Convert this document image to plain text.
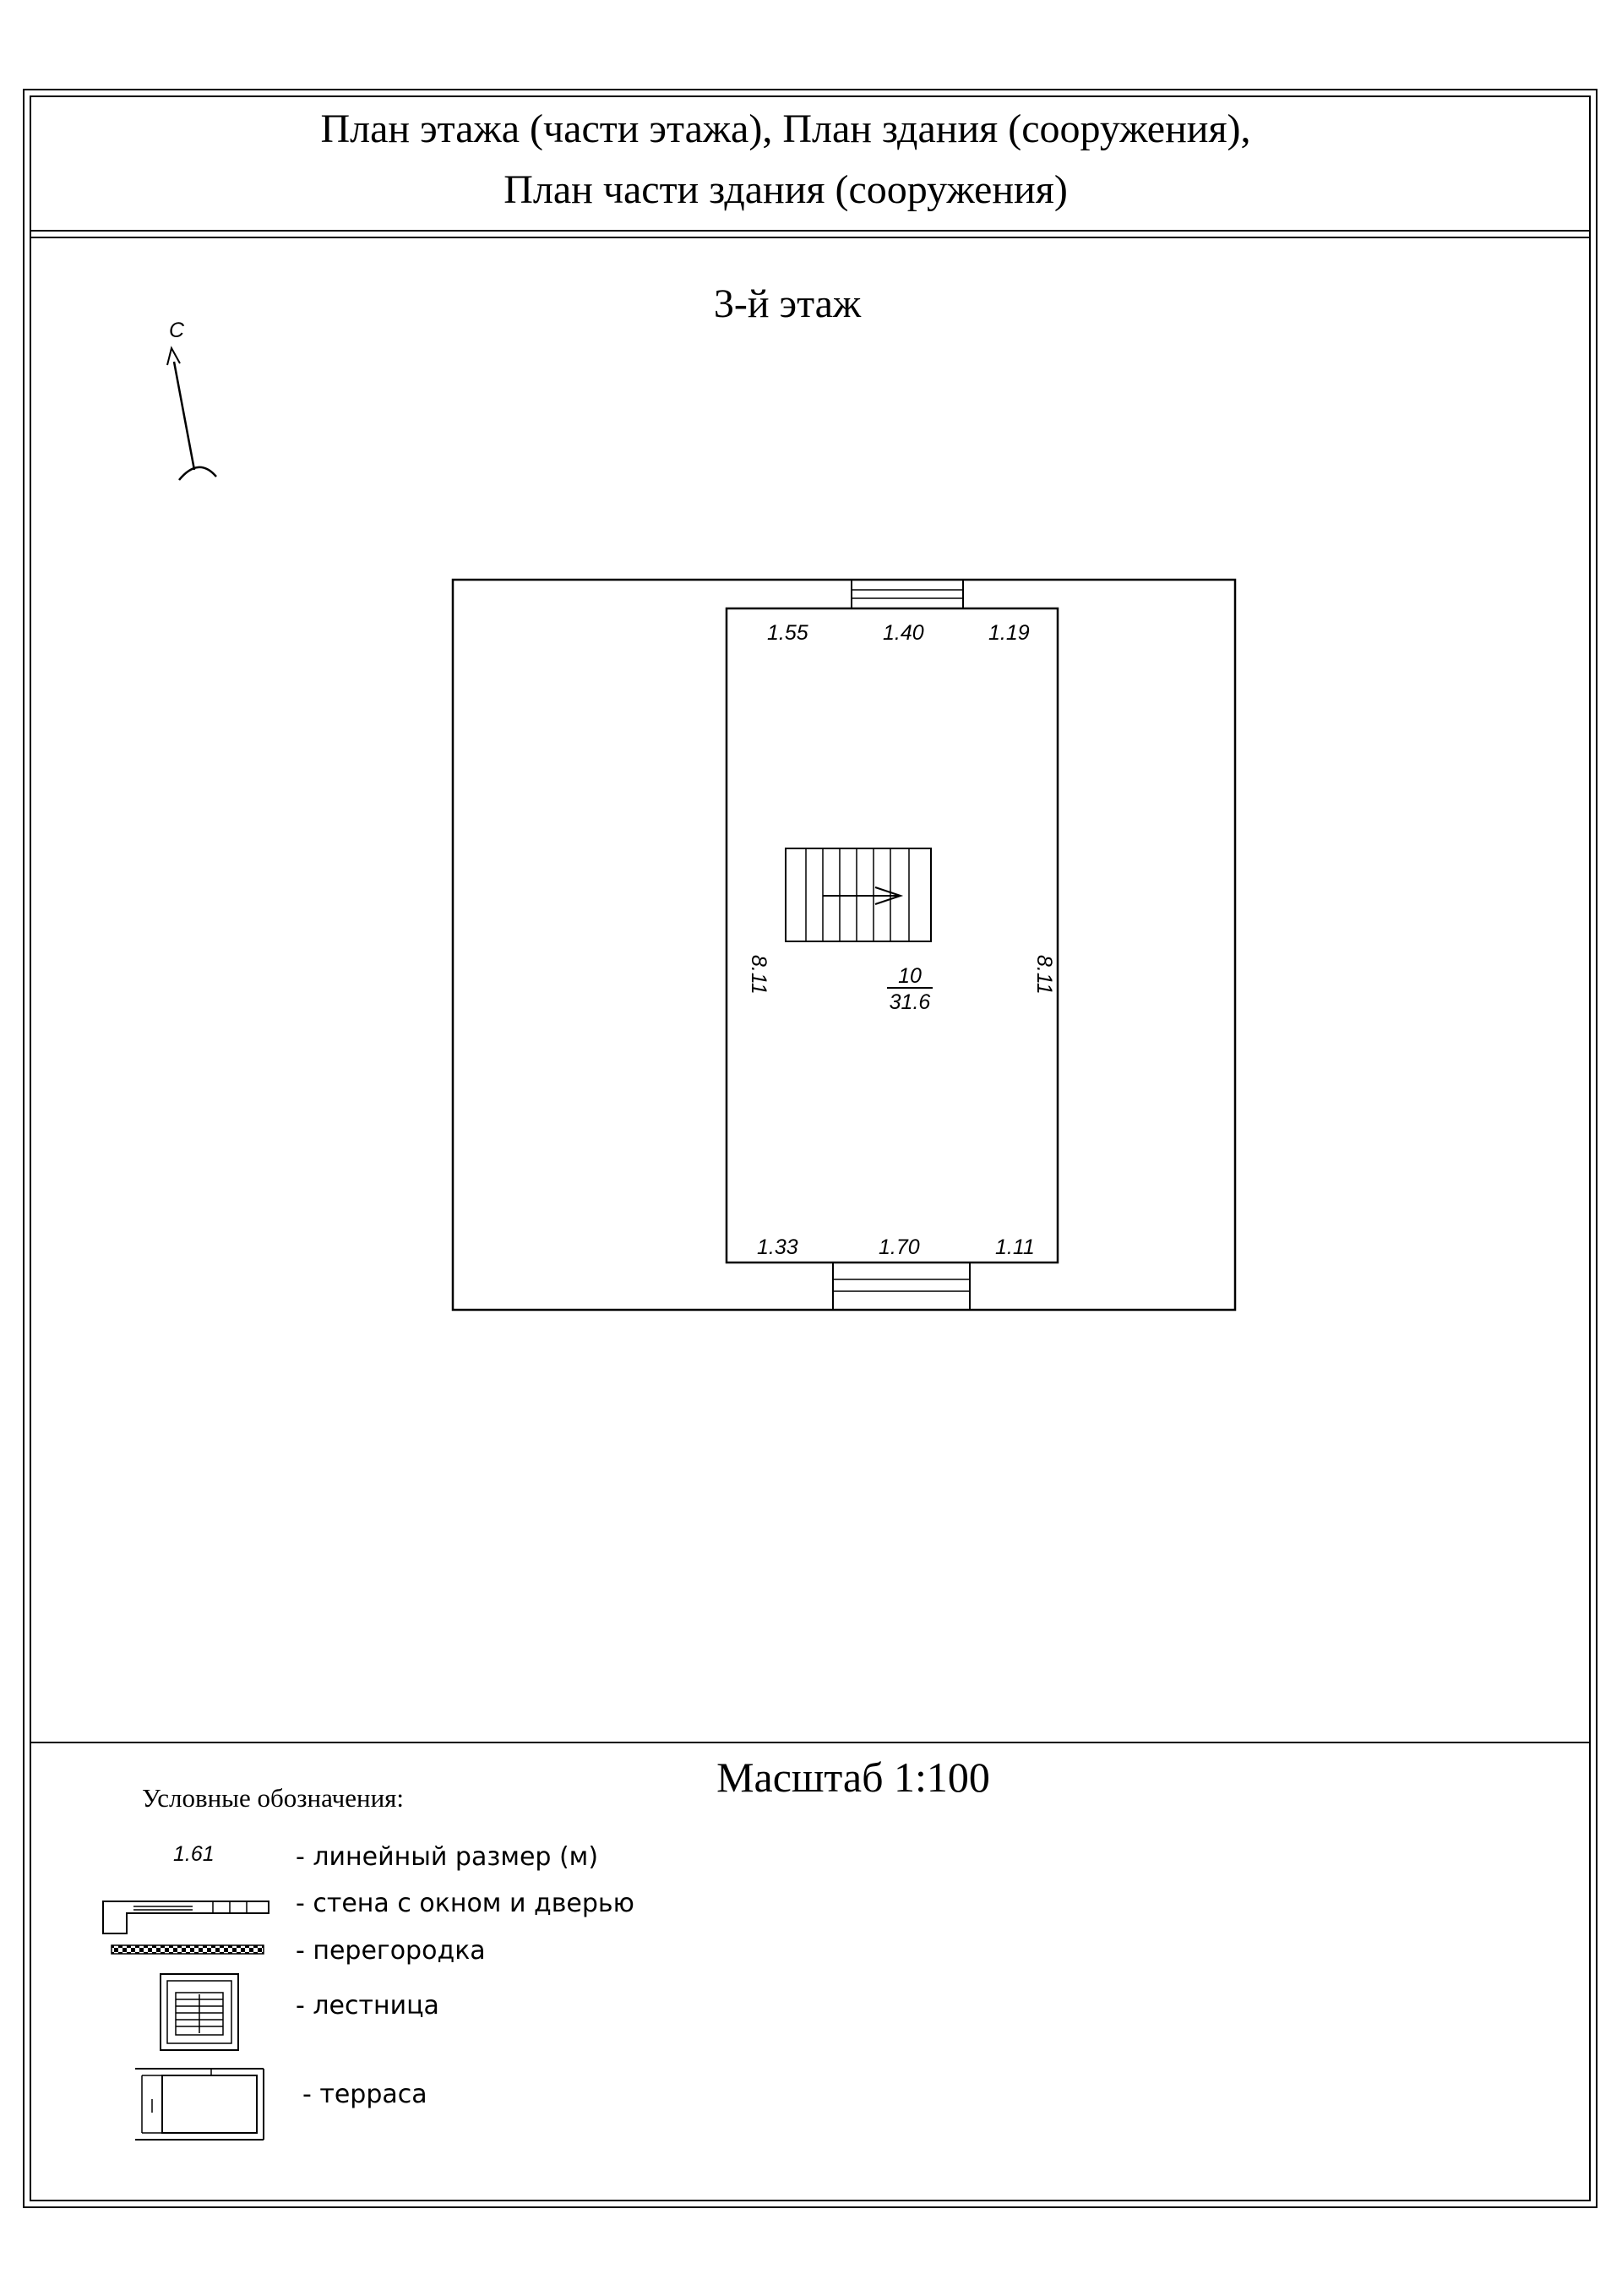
План этажа (части этажа), План здания (сооружения),
План части здания (сооружения)
3-й этаж
С
1.55	1.40	1.19
1.33	1.70	1.11
8.11	8.11
10
31.6
Масштаб 1:100
Условные обозначения:
1.61	- линейный размер (м)
- стена с окном и дверью
- перегородка
- лестница
- терраса
